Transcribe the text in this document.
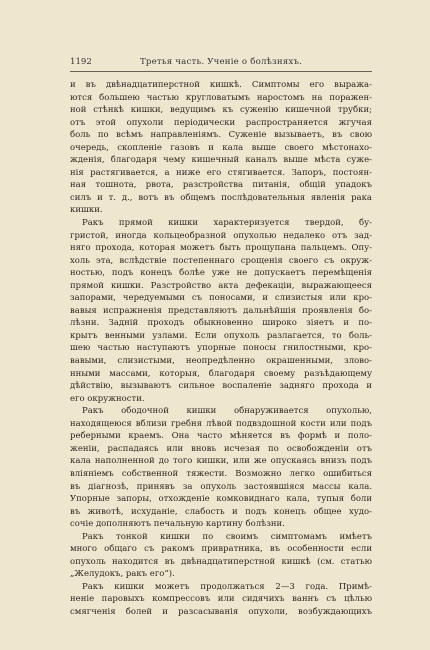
1192	Третья часть. Ученіе о болѣзняхъ.
и въ двѣнадцатиперстной кишкѣ. Симптомы его выража-
ются большею частью кругловатымъ наростомъ на поражен-
ной стѣнкѣ кишки, ведущимъ къ суженію кишечной трубки;
отъ этой опухоли періодически распространяется жгучая
боль по всѣмъ направленіямъ. Суженіе вызываетъ, въ свою
очередь, скопленіе газовъ и кала выше своего мѣстонахо-
жденія, благодаря чему кишечный каналъ выше мѣста суже-
нія растягивается, а ниже его стягивается. Запоръ, постоян-
ная тошнота, рвота, разстройства питанія, общій упадокъ
силъ и т. д., вотъ въ общемъ послѣдовательныя явленія рака
кишки.
Ракъ прямой кишки характеризуется твердой, бу-
гристой, иногда кольцеобразной опухолью недалеко отъ зад-
няго прохода, которая можетъ быть прощупана пальцемъ. Опу-
холь эта, вслѣдствіе постепеннаго срощенія своего съ окруж-
ностью, подъ конецъ болѣе уже не допускаетъ перемѣщенія
прямой кишки. Разстройство акта дефекаціи, выражающееся
запорами, чередуемыми съ поносами, и слизистыя или кро-
вавыя испражненія представляютъ дальнѣйшія проявленія бо-
лѣзни. Задній проходъ обыкновенно широко зіяетъ и по-
крытъ венными узлами. Если опухоль разлагается, то боль-
шею частью наступаютъ упорные поносы гнилостными, кро-
вавыми, слизистыми, неопредѣленно окрашенными, злово-
нными массами, которыя, благодаря своему разъѣдающему
дѣйствію, вызываютъ сильное воспаленіе задняго прохода и
его окружности.
Ракъ ободочной кишки обнаруживается опухолью,
находящеюся вблизи гребня лѣвой подвздошной кости или подъ
реберными краемъ. Она часто мѣняется въ формѣ и поло-
женіи, распадаясь или вновь исчезая по освобожденіи отъ
кала наполненной до того кишки, или же опускаясь внизъ подъ
вліяніемъ собственной тяжести. Возможно легко ошибиться
въ діагнозѣ, принявъ за опухоль застоявшіяся массы кала.
Упорные запоры, отхожденіе комковиднаго кала, тупыя боли
въ животѣ, исхуданіе, слабость и подъ конецъ общее худо-
сочіе дополняютъ печальную картину болѣзни.
Ракъ тонкой кишки по своимъ симптомамъ имѣетъ
много общаго съ ракомъ привратника, въ особенности если
опухоль находится въ двѣнадцатиперстной кишкѣ (см. статью
„Желудокъ, ракъ его“).
Ракъ кишки можетъ продолжаться 2—3 года. Примѣ-
неніе паровыхъ компрессовъ или сидячихъ ваннъ съ цѣлью
смягченія болей и разсасыванія опухоли, возбуждающихъ
